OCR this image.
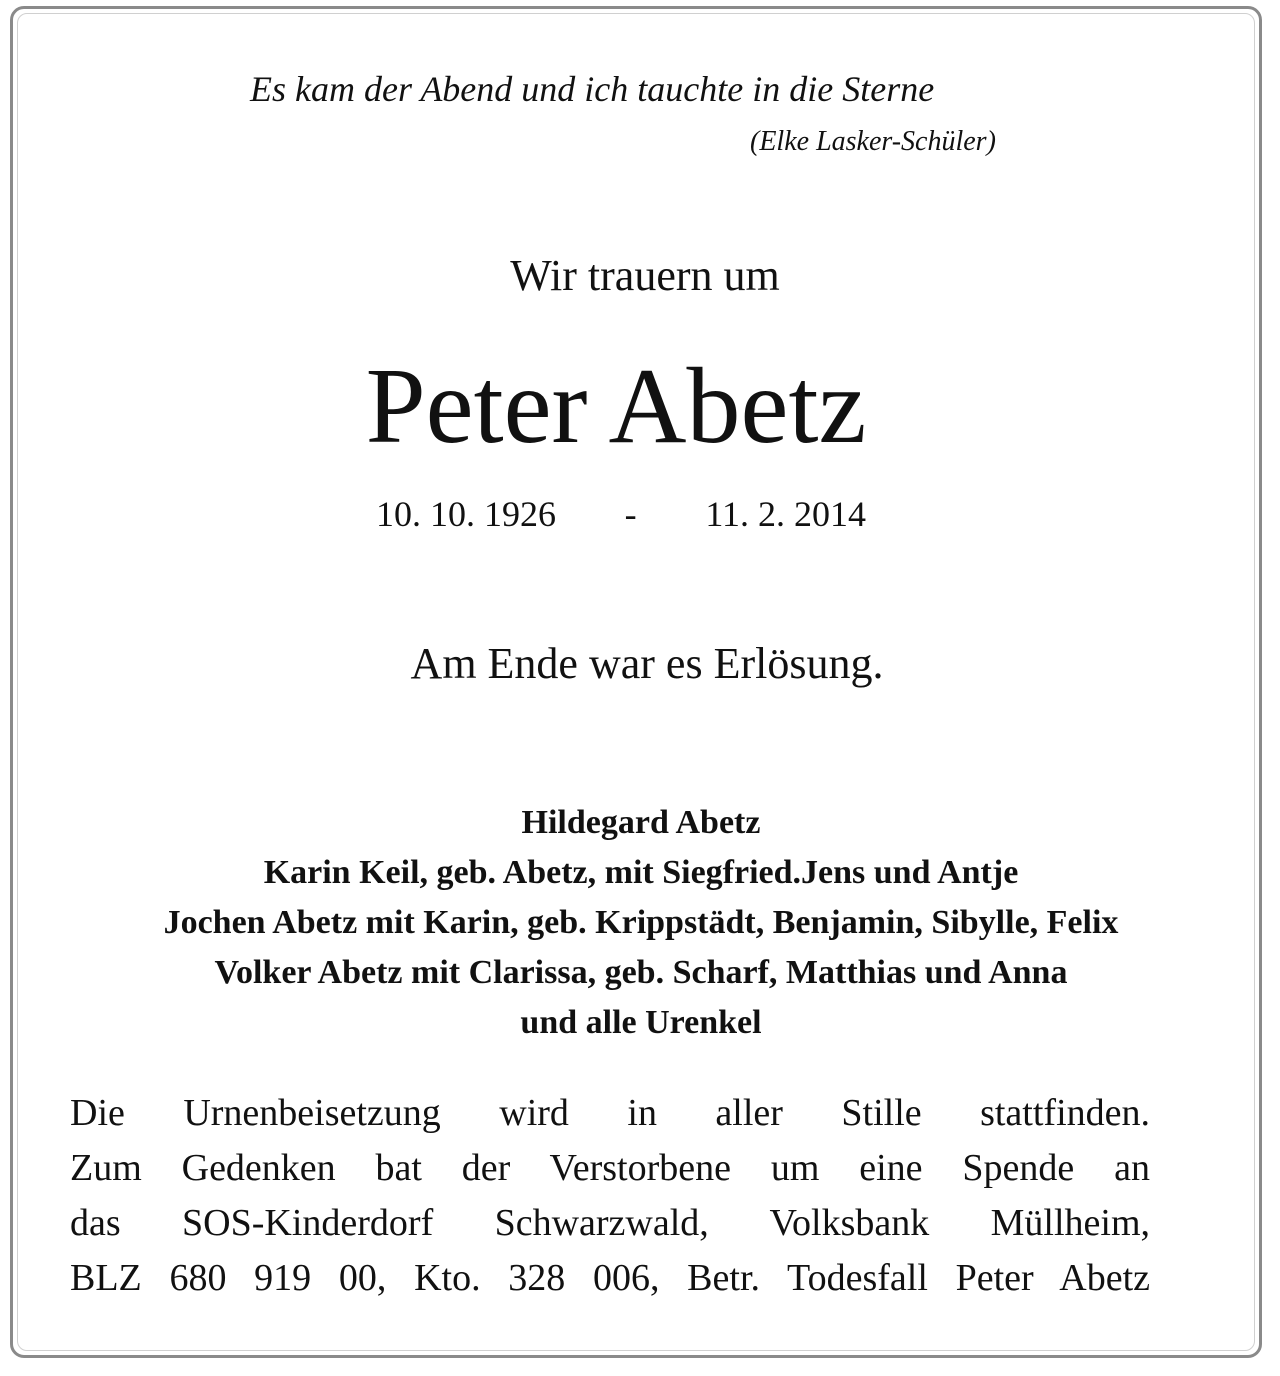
Es kam der Abend und ich tauchte in die Sterne
(Elke Lasker-Schüler)
Wir trauern um
Peter Abetz
10. 10. 1926 - 11. 2. 2014
Am Ende war es Erlösung.
Hildegard Abetz
Karin Keil, geb. Abetz, mit Siegfried.Jens und Antje
Jochen Abetz mit Karin, geb. Krippstädt, Benjamin, Sibylle, Felix
Volker Abetz mit Clarissa, geb. Scharf, Matthias und Anna
und alle Urenkel
Die Urnenbeisetzung wird in aller Stille stattfinden.
Zum Gedenken bat der Verstorbene um eine Spende an
das SOS-Kinderdorf Schwarzwald, Volksbank Müllheim,
BLZ 680 919 00, Kto. 328 006, Betr. Todesfall Peter Abetz
